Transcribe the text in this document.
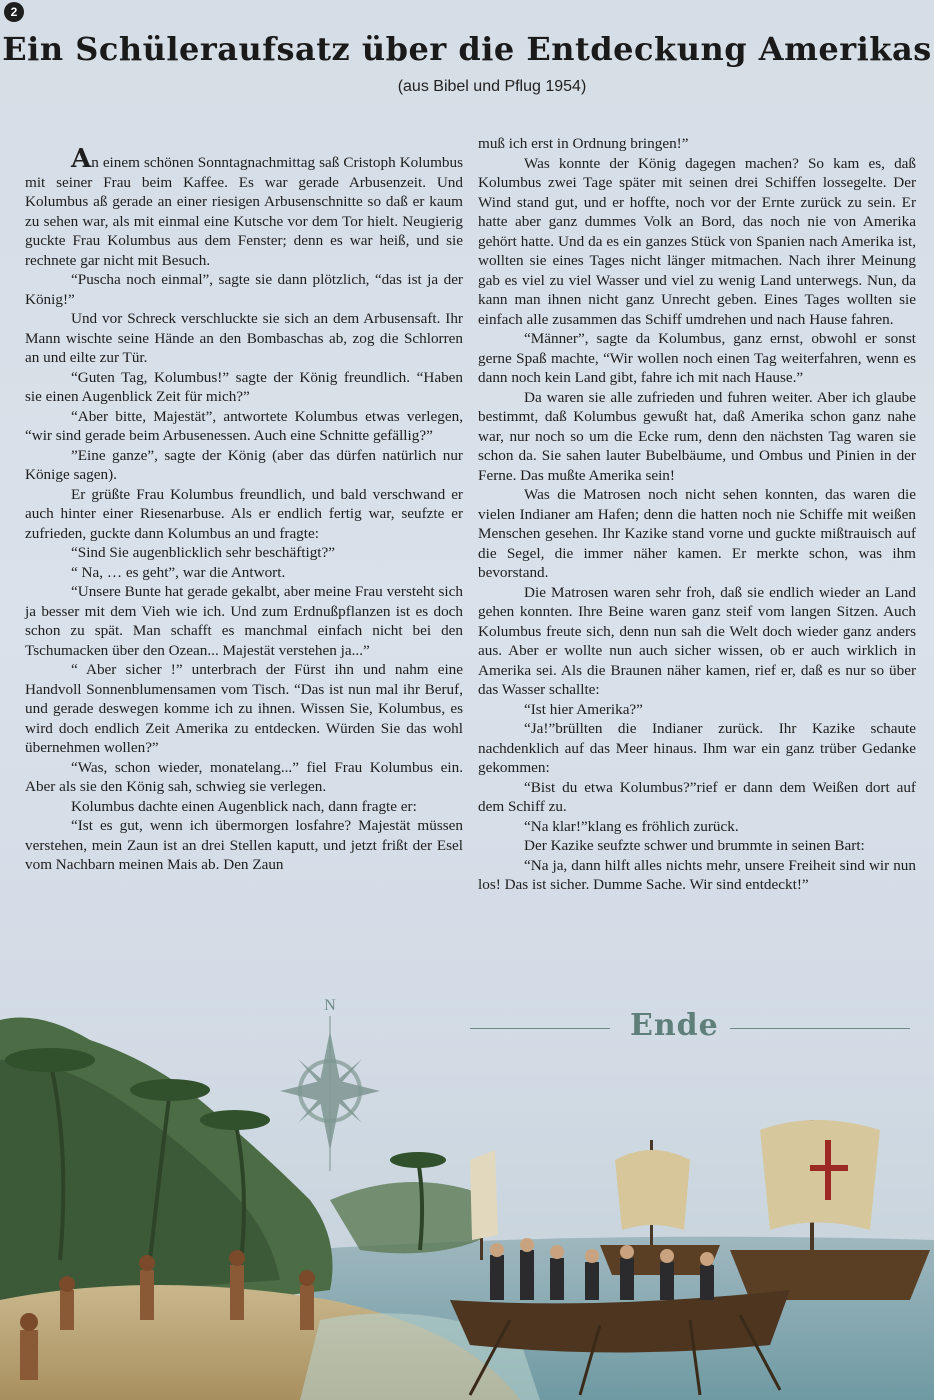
2
Ein Schüleraufsatz über die Entdeckung Amerikas
(aus Bibel und Pflug 1954)

An einem schönen Sonntagnachmittag saß Cristoph Kolumbus mit seiner Frau beim Kaffee. Es war gerade Arbusenzeit. Und Kolumbus aß gerade an einer riesigen Arbusenschnitte so daß er kaum zu sehen war, als mit einmal eine Kutsche vor dem Tor hielt. Neugierig guckte Frau Kolumbus aus dem Fenster; denn es war heiß, und sie rechnete gar nicht mit Besuch.

“Puscha noch einmal”, sagte sie dann plötzlich, “das ist ja der König!”

Und vor Schreck verschluckte sie sich an dem Arbusensaft. Ihr Mann wischte seine Hände an den Bombaschas ab, zog die Schlorren an und eilte zur Tür.

“Guten Tag, Kolumbus!” sagte der König freundlich. “Haben sie einen Augenblick Zeit für mich?”

“Aber bitte, Majestät”, antwortete Kolumbus etwas verlegen, “wir sind gerade beim Arbusenessen. Auch eine Schnitte gefällig?”

”Eine ganze”, sagte der König (aber das dürfen natürlich nur Könige sagen).

Er grüßte Frau Kolumbus freundlich, und bald verschwand er auch hinter einer Riesenarbuse. Als er endlich fertig war, seufzte er zufrieden, guckte dann Kolumbus an und fragte:

“Sind Sie augenblicklich sehr beschäftigt?”

“ Na, … es geht”, war die Antwort.

“Unsere Bunte hat gerade gekalbt, aber meine Frau versteht sich ja besser mit dem Vieh wie ich. Und zum Erdnußpflanzen ist es doch schon zu spät. Man schafft es manchmal einfach nicht bei den Tschumacken über den Ozean... Majestät verstehen ja...”

“ Aber sicher !” unterbrach der Fürst ihn und nahm eine Handvoll Sonnenblumensamen vom Tisch. “Das ist nun mal ihr Beruf, und gerade deswegen komme ich zu ihnen. Wissen Sie, Kolumbus, es wird doch endlich Zeit Amerika zu entdecken. Würden Sie das wohl übernehmen wollen?”

“Was, schon wieder, monatelang...” fiel Frau Kolumbus ein. Aber als sie den König sah, schwieg sie verlegen.

Kolumbus dachte einen Augenblick nach, dann fragte er:

“Ist es gut, wenn ich übermorgen losfahre? Majestät müssen verstehen, mein Zaun ist an drei Stellen kaputt, und jetzt frißt der Esel vom Nachbarn meinen Mais ab. Den Zaun

muß ich erst in Ordnung bringen!”

Was konnte der König dagegen machen? So kam es, daß Kolumbus zwei Tage später mit seinen drei Schiffen lossegelte. Der Wind stand gut, und er hoffte, noch vor der Ernte zurück zu sein. Er hatte aber ganz dummes Volk an Bord, das noch nie von Amerika gehört hatte. Und da es ein ganzes Stück von Spanien nach Amerika ist, wollten sie eines Tages nicht länger mitmachen. Nach ihrer Meinung gab es viel zu viel Wasser und viel zu wenig Land unterwegs. Nun, da kann man ihnen nicht ganz Unrecht geben. Eines Tages wollten sie einfach alle zusammen das Schiff umdrehen und nach Hause fahren.

“Männer”, sagte da Kolumbus, ganz ernst, obwohl er sonst gerne Spaß machte, “Wir wollen noch einen Tag weiterfahren, wenn es dann noch kein Land gibt, fahre ich mit nach Hause.”

Da waren sie alle zufrieden und fuhren weiter. Aber ich glaube bestimmt, daß Kolumbus gewußt hat, daß Amerika schon ganz nahe war, nur noch so um die Ecke rum, denn den nächsten Tag waren sie schon da. Sie sahen lauter Bubelbäume, und Ombus und Pinien in der Ferne. Das mußte Amerika sein!

Was die Matrosen noch nicht sehen konnten, das waren die vielen Indianer am Hafen; denn die hatten noch nie Schiffe mit weißen Menschen gesehen. Ihr Kazike stand vorne und guckte mißtrauisch auf die Segel, die immer näher kamen. Er merkte schon, was ihm bevorstand.

Die Matrosen waren sehr froh, daß sie endlich wieder an Land gehen konnten. Ihre Beine waren ganz steif vom langen Sitzen. Auch Kolumbus freute sich, denn nun sah die Welt doch wieder ganz anders aus. Aber er wollte nun auch sicher wissen, ob er auch wirklich in Amerika sei. Als die Braunen näher kamen, rief er, daß es nur so über das Wasser schallte:

“Ist hier Amerika?”

“Ja!”brüllten die Indianer zurück. Ihr Kazike schaute nachdenklich auf das Meer hinaus. Ihm war ein ganz trüber Gedanke gekommen:

“Bist du etwa Kolumbus?”rief er dann dem Weißen dort auf dem Schiff zu.

“Na klar!”klang es fröhlich zurück.

Der Kazike seufzte schwer und brummte in seinen Bart:

“Na ja, dann hilft alles nichts mehr, unsere Freiheit sind wir nun los! Das ist sicher. Dumme Sache. Wir sind entdeckt!”

N
Ende
